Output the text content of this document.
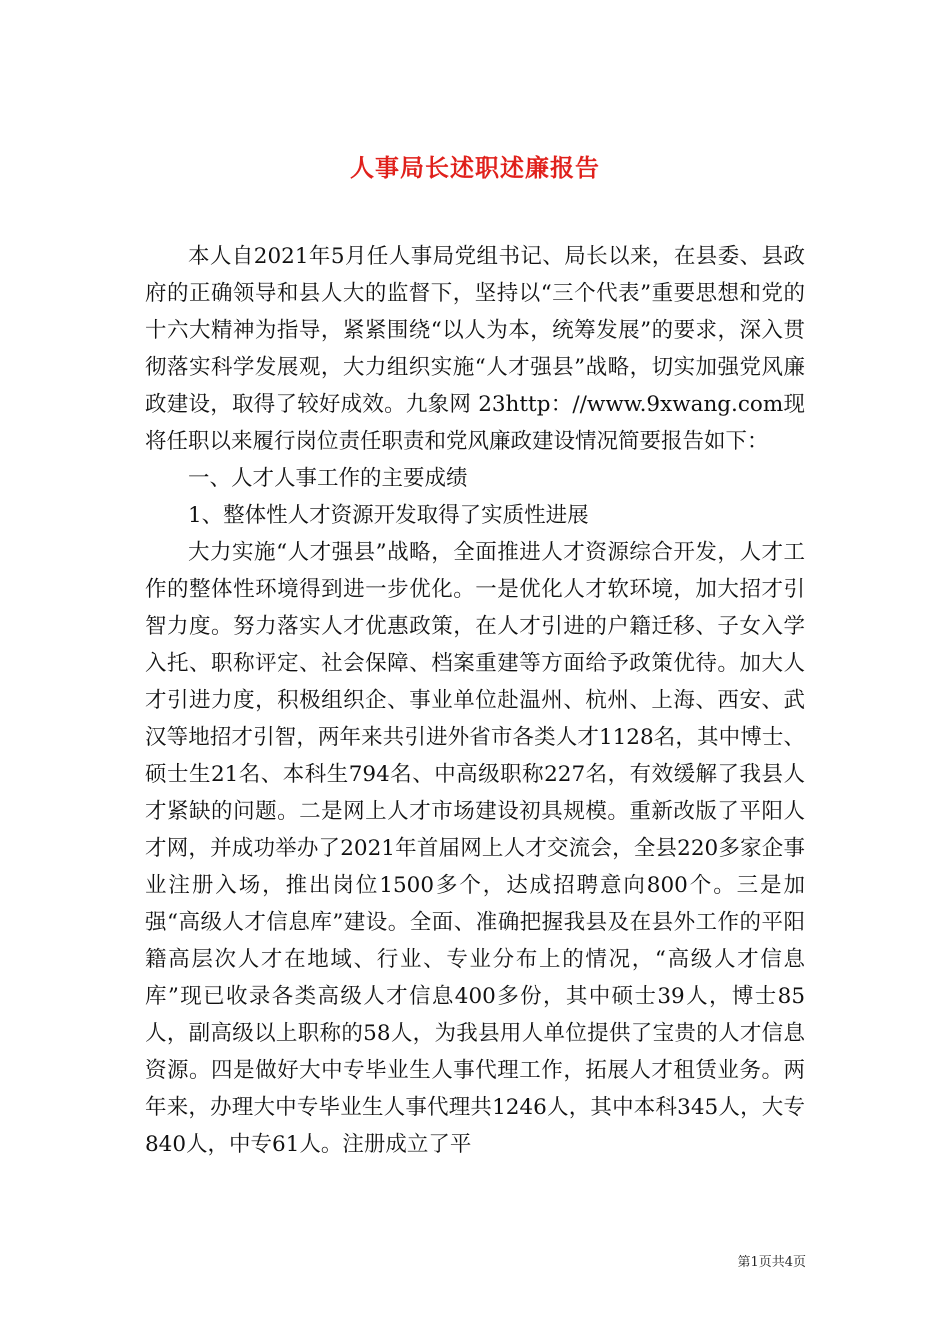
人事局长述职述廉报告

本人自2021年5月任人事局党组书记、局长以来，在县委、县政府的正确领导和县人大的监督下，坚持以“三个代表”重要思想和党的十六大精神为指导，紧紧围绕“以人为本，统筹发展”的要求，深入贯彻落实科学发展观，大力组织实施“人才强县”战略，切实加强党风廉政建设，取得了较好成效。九象网 23http：//www.9xwang.com现将任职以来履行岗位责任职责和党风廉政建设情况简要报告如下：

一、人才人事工作的主要成绩

1、整体性人才资源开发取得了实质性进展

大力实施“人才强县”战略，全面推进人才资源综合开发，人才工作的整体性环境得到进一步优化。一是优化人才软环境，加大招才引智力度。努力落实人才优惠政策，在人才引进的户籍迁移、子女入学入托、职称评定、社会保障、档案重建等方面给予政策优待。加大人才引进力度，积极组织企、事业单位赴温州、杭州、上海、西安、武汉等地招才引智，两年来共引进外省市各类人才1128名，其中博士、硕士生21名、本科生794名、中高级职称227名，有效缓解了我县人才紧缺的问题。二是网上人才市场建设初具规模。重新改版了平阳人才网，并成功举办了2021年首届网上人才交流会，全县220多家企事业注册入场，推出岗位1500多个，达成招聘意向800个。三是加强“高级人才信息库”建设。全面、准确把握我县及在县外工作的平阳籍高层次人才在地域、行业、专业分布上的情况，“高级人才信息库”现已收录各类高级人才信息400多份，其中硕士39人，博士85人，副高级以上职称的58人，为我县用人单位提供了宝贵的人才信息资源。四是做好大中专毕业生人事代理工作，拓展人才租赁业务。两年来，办理大中专毕业生人事代理共1246人，其中本科345人，大专840人，中专61人。注册成立了平

第1页共4页
